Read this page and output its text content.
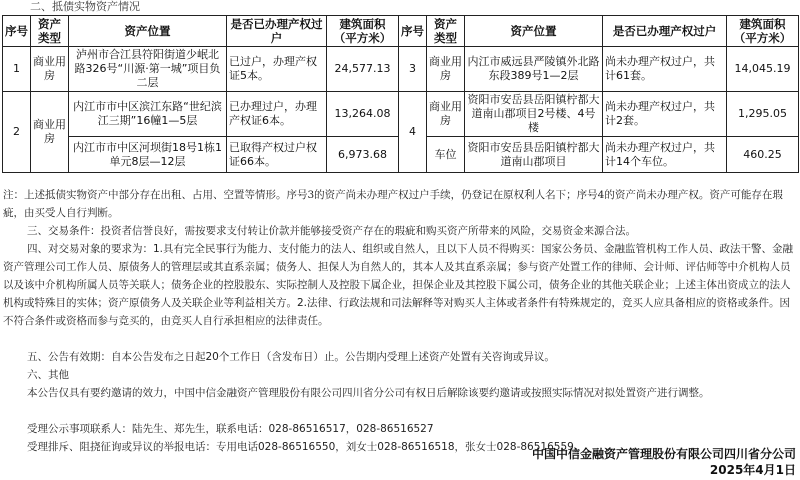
二、抵债实物资产情况
序号	资产类型	资产位置	是否已办理产权过户	建筑面积（平方米）	序号	资产类型	资产位置	是否已办理产权过户	建筑面积（平方米）
1	商业用房	泸州市合江县符阳街道少岷北路326号“川源·第一城”项目负二层	已过户，办理产权证5本。	24,577.13	3	商业用房	内江市威远县严陵镇外北路东段389号1—2层	尚未办理产权过户，共计61套。	14,045.19
2	商业用房	内江市市中区滨江东路“世纪滨江三期”16幢1—5层	已办理过户，办理产权证6本。	13,264.08	4	商业用房	资阳市安岳县岳阳镇柠都大道南山郡项目2号楼、4号楼	尚未办理产权过户，共计2套。	1,295.05
		内江市市中区河坝街18号1栋1单元8层—12层	已取得产权过户权证66本。	6,973.68		车位	资阳市安岳县岳阳镇柠都大道南山郡项目	尚未办理产权过户，共计14个车位。	460.25
注：上述抵债实物资产中部分存在出租、占用、空置等情形。序号3的资产尚未办理产权过户手续，仍登记在原权利人名下；序号4的资产尚未办理产权。资产可能存在瑕疵，由买受人自行判断。
三、交易条件：投资者信誉良好，需按要求支付转让价款并能够接受资产存在的瑕疵和购买资产所带来的风险，交易资金来源合法。
四、对交易对象的要求为：1.具有完全民事行为能力、支付能力的法人、组织或自然人，且以下人员不得购买：国家公务员、金融监管机构工作人员、政法干警、金融资产管理公司工作人员、原债务人的管理层或其直系亲属；债务人、担保人为自然人的，其本人及其直系亲属；参与资产处置工作的律师、会计师、评估师等中介机构人员以及该中介机构所属人员等关联人；债务企业的控股股东、实际控制人及控股下属企业，担保企业及其控股下属公司，债务企业的其他关联企业；上述主体出资成立的法人机构或特殊目的实体；资产原债务人及关联企业等利益相关方。2.法律、行政法规和司法解释等对购买人主体或者条件有特殊规定的，竞买人应具备相应的资格或条件。因不符合条件或资格而参与竞买的，由竞买人自行承担相应的法律责任。
五、公告有效期：自本公告发布之日起20个工作日（含发布日）止。公告期内受理上述资产处置有关咨询或异议。
六、其他
本公告仅具有要约邀请的效力，中国中信金融资产管理股份有限公司四川省分公司有权日后解除该要约邀请或按照实际情况对拟处置资产进行调整。
受理公示事项联系人：陆先生、郑先生，联系电话：028-86516517，028-86516527
受理排斥、阻挠征询或异议的举报电话：专用电话028-86516550，刘女士028-86516518，张女士028-86516559。
中国中信金融资产管理股份有限公司四川省分公司
2025年4月1日
